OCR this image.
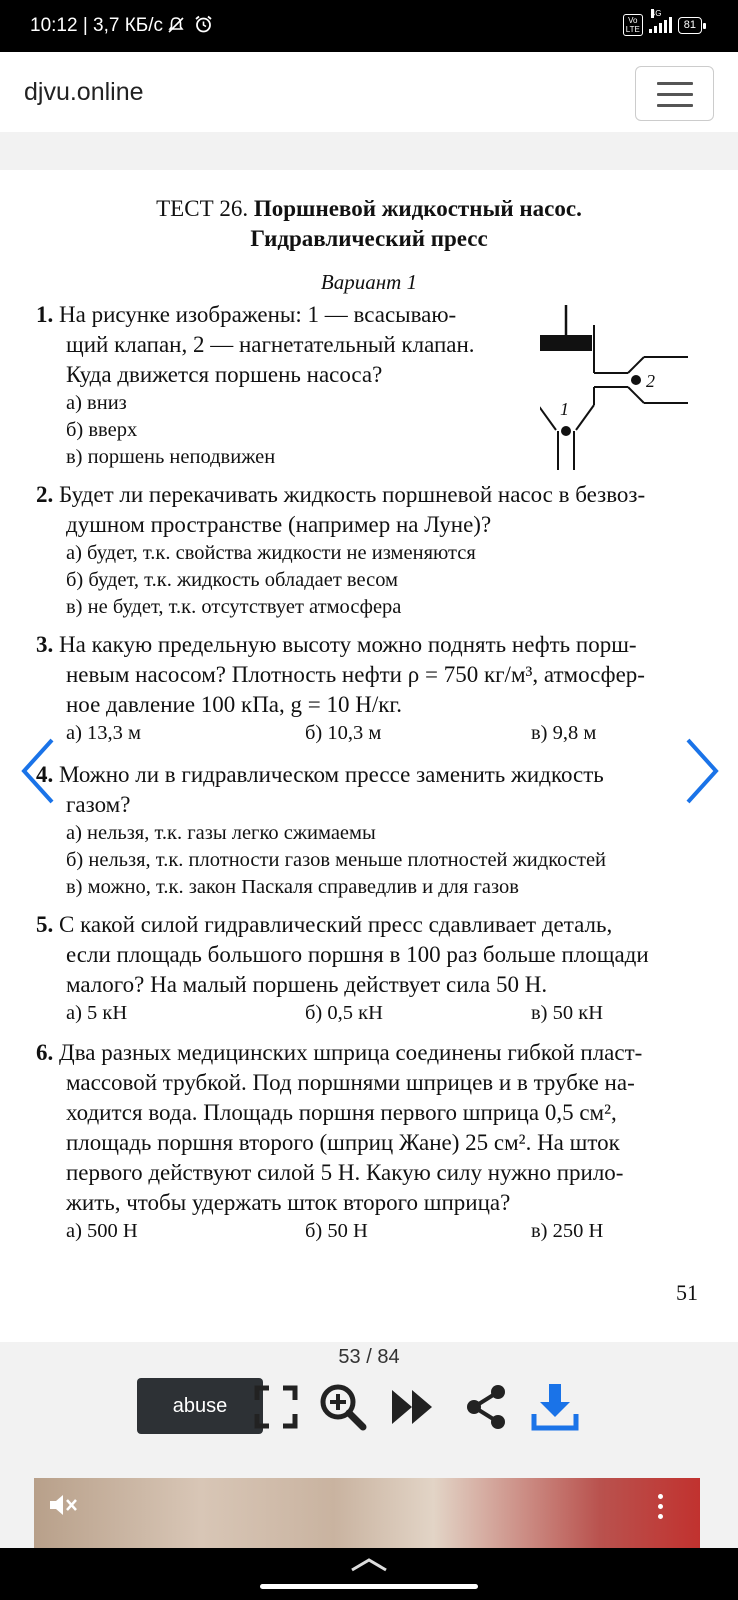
10:12 | 3,7 КБ/с
	Vo LTE
4G
81
djvu.online
ТЕСТ 26. Поршневой жидкостный насос.
Гидравлический пресс
Вариант 1
1. На рисунке изображены: 1 — всасываю-
щий клапан, 2 — нагнетательный клапан.
Куда движется поршень насоса?
а) вниз
б) вверх
в) поршень неподвижен
2
1
2. Будет ли перекачивать жидкость поршневой насос в безвоз-
душном пространстве (например на Луне)?
а) будет, т.к. свойства жидкости не изменяются
б) будет, т.к. жидкость обладает весом
в) не будет, т.к. отсутствует атмосфера
3. На какую предельную высоту можно поднять нефть порш-
невым насосом? Плотность нефти ρ = 750 кг/м³, атмосфер-
ное давление 100 кПа, g = 10 Н/кг.
а) 13,3 м	б) 10,3 м	в) 9,8 м
4. Можно ли в гидравлическом прессе заменить жидкость
газом?
а) нельзя, т.к. газы легко сжимаемы
б) нельзя, т.к. плотности газов меньше плотностей жидкостей
в) можно, т.к. закон Паскаля справедлив и для газов
5. С какой силой гидравлический пресс сдавливает деталь,
если площадь большого поршня в 100 раз больше площади
малого? На малый поршень действует сила 50 Н.
а) 5 кН	б) 0,5 кН	в) 50 кН
6. Два разных медицинских шприца соединены гибкой пласт-
массовой трубкой. Под поршнями шприцев и в трубке на-
ходится вода. Площадь поршня первого шприца 0,5 см²,
площадь поршня второго (шприц Жане) 25 см². На шток
первого действуют силой 5 Н. Какую силу нужно прило-
жить, чтобы удержать шток второго шприца?
а) 500 Н	б) 50 Н	в) 250 Н
51
53 / 84
abuse
